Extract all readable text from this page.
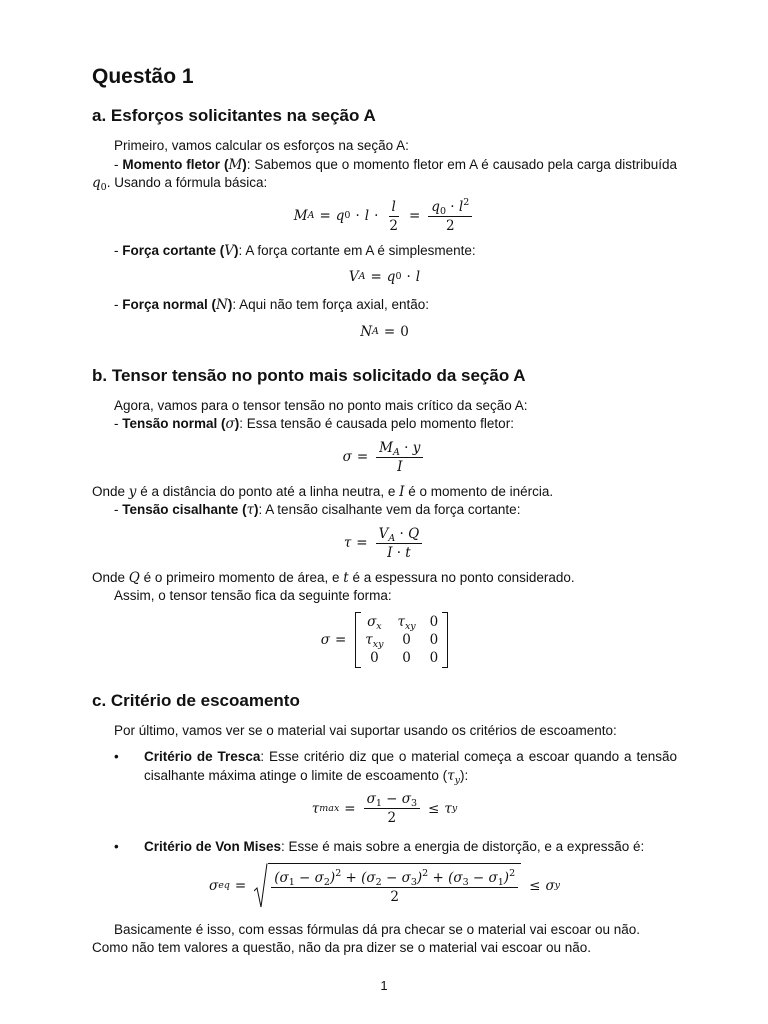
Questão 1
a. Esforços solicitantes na seção A

Primeiro, vamos calcular os esforços na seção A:

- Momento fletor (M): Sabemos que o momento fletor em A é causado pela carga distribuída $q_0$. Usando a fórmula básica:

M A = q $0 \cdot l \cdot \frac{l}{2} = \frac{q_0 \cdot l^2}{2}$

- Força cortante (V): A força cortante em A é simplesmente:

V A = q 0 · l

- Força normal (N): Aqui não tem força axial, então:

N A = 0
b. Tensor tensão no ponto mais solicitado da seção A

Agora, vamos para o tensor tensão no ponto mais crítico da seção A:

- Tensão normal (σ): Essa tensão é causada pelo momento fletor:

$\sigma = \frac{M_A \cdot y}{I}$

Onde y é a distância do ponto até a linha neutra, e I é o momento de inércia.

- Tensão cisalhante (τ): A tensão cisalhante vem da força cortante:

$\tau = \frac{V_A \cdot Q}{I \cdot t}$

Onde Q é o primeiro momento de área, e t é a espessura no ponto considerado.

Assim, o tensor tensão fica da seguinte forma:

σ =
$\sigma_x$ $\tau_{xy}$ 0
$\tau_{xy}$	0	0
0	0	0
c. Critério de escoamento

Por último, vamos ver se o material vai suportar usando os critérios de escoamento:

•	Critério de Tresca: Esse critério diz que o material começa a escoar quando a tensão cisalhante máxima atinge o limite de escoamento $(\tau_y)$:

τ $\max = \frac{\sigma_1 - \sigma_3}{2} \le \tau$ y
•	Critério de Von Mises: Esse é mais sobre a energia de distorção, e a expressão é:

σ eq = $\frac{(\sigma_1 - \sigma_2)^2 + (\sigma_2 - \sigma_3)^2 + (\sigma_3 - \sigma_1)^2}{2} \le \sigma$ y

Basicamente é isso, com essas fórmulas dá pra checar se o material vai escoar ou não.

Como não tem valores a questão, não da pra dizer se o material vai escoar ou não.

1
